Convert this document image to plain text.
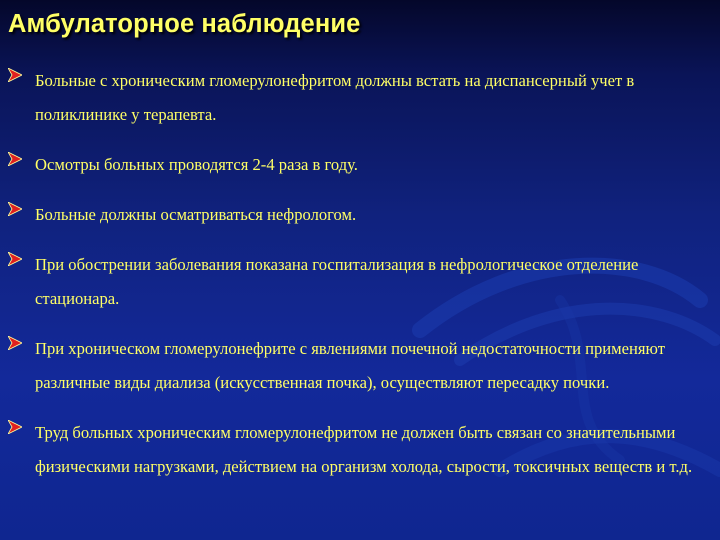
Амбулаторное наблюдение
Больные с хроническим гломерулонефритом должны встать на диспансерный учет в поликлинике у терапевта.
Осмотры больных проводятся 2-4 раза в году.
Больные должны осматриваться нефрологом.
При обострении заболевания показана госпитализация в нефрологическое отделение стационара.
При хроническом гломерулонефрите с явлениями почечной недостаточности применяют различные виды диализа (искусственная почка), осуществляют пересадку почки.
Труд больных хроническим гломерулонефритом не должен быть связан со значительными физическими нагрузками, действием на организм холода, сырости, токсичных веществ и т.д.
